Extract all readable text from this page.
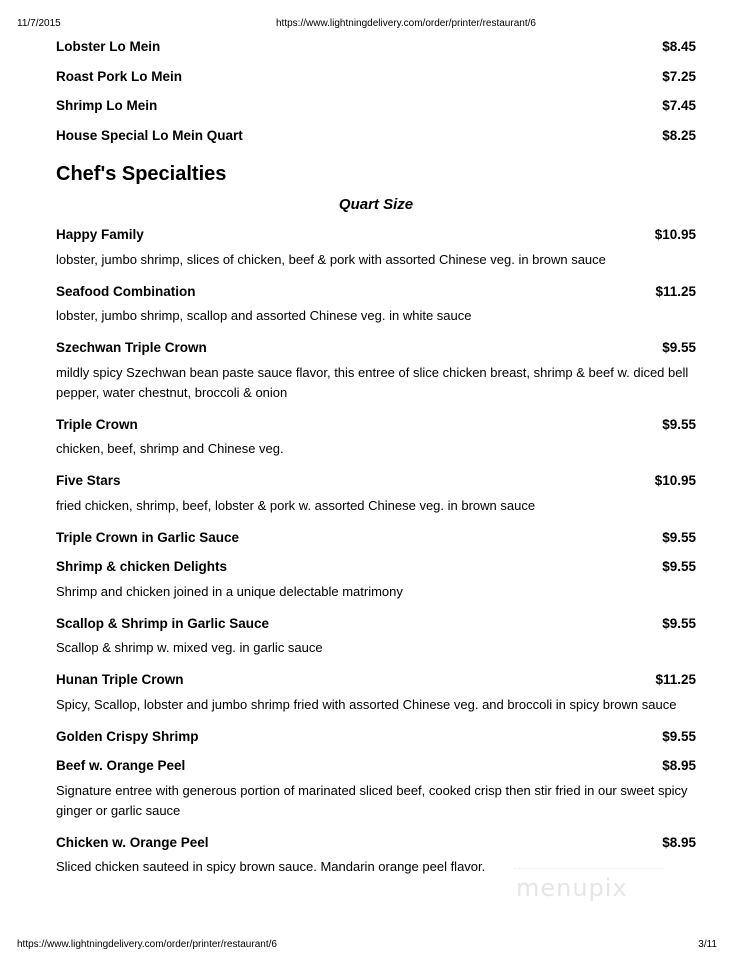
11/7/2015	https://www.lightningdelivery.com/order/printer/restaurant/6
Lobster Lo Mein	$8.45
Roast Pork Lo Mein	$7.25
Shrimp Lo Mein	$7.45
House Special Lo Mein Quart	$8.25
Chef's Specialties
Quart Size
Happy Family	$10.95
lobster, jumbo shrimp, slices of chicken, beef & pork with assorted Chinese veg. in brown sauce
Seafood Combination	$11.25
lobster, jumbo shrimp, scallop and assorted Chinese veg. in white sauce
Szechwan Triple Crown	$9.55
mildly spicy Szechwan bean paste sauce flavor, this entree of slice chicken breast, shrimp & beef w. diced bell pepper, water chestnut, broccoli & onion
Triple Crown	$9.55
chicken, beef, shrimp and Chinese veg.
Five Stars	$10.95
fried chicken, shrimp, beef, lobster & pork w. assorted Chinese veg. in brown sauce
Triple Crown in Garlic Sauce	$9.55
Shrimp & chicken Delights	$9.55
Shrimp and chicken joined in a unique delectable matrimony
Scallop & Shrimp in Garlic Sauce	$9.55
Scallop & shrimp w. mixed veg. in garlic sauce
Hunan Triple Crown	$11.25
Spicy, Scallop, lobster and jumbo shrimp fried with assorted Chinese veg. and broccoli in spicy brown sauce
Golden Crispy Shrimp	$9.55
Beef w. Orange Peel	$8.95
Signature entree with generous portion of marinated sliced beef, cooked crisp then stir fried in our sweet spicy ginger or garlic sauce
Chicken w. Orange Peel	$8.95
Sliced chicken sauteed in spicy brown sauce. Mandarin orange peel flavor.
https://www.lightningdelivery.com/order/printer/restaurant/6	3/11
menupix
